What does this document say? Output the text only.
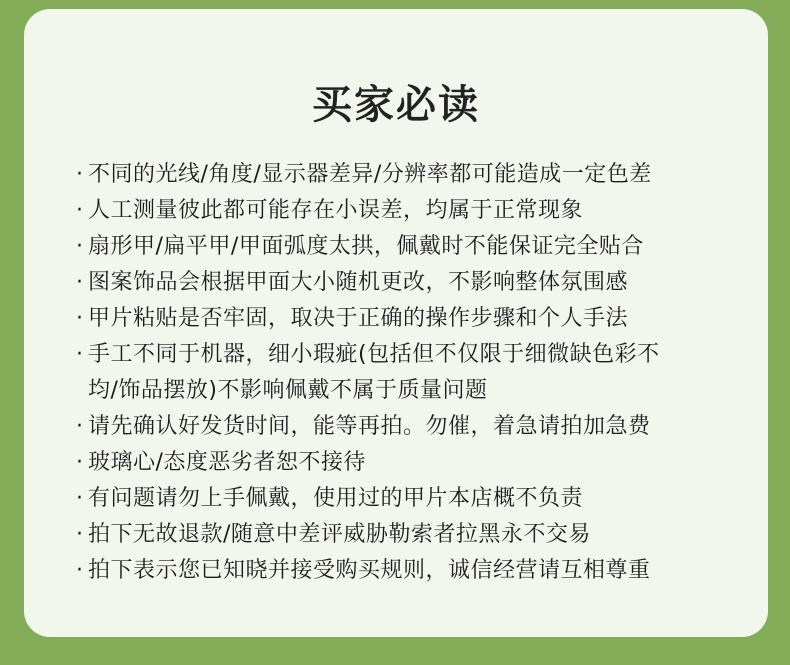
买家必读
· 不同的光线/角度/显示器差异/分辨率都可能造成一定色差
· 人工测量彼此都可能存在小误差，均属于正常现象
· 扇形甲/扁平甲/甲面弧度太拱，佩戴时不能保证完全贴合
· 图案饰品会根据甲面大小随机更改，不影响整体氛围感
· 甲片粘贴是否牢固，取决于正确的操作步骤和个人手法
· 手工不同于机器，细小瑕疵(包括但不仅限于细微缺色彩不
均/饰品摆放)不影响佩戴不属于质量问题
· 请先确认好发货时间，能等再拍。勿催，着急请拍加急费
· 玻璃心/态度恶劣者恕不接待
· 有问题请勿上手佩戴，使用过的甲片本店概不负责
· 拍下无故退款/随意中差评威胁勒索者拉黑永不交易
· 拍下表示您已知晓并接受购买规则，诚信经营请互相尊重
